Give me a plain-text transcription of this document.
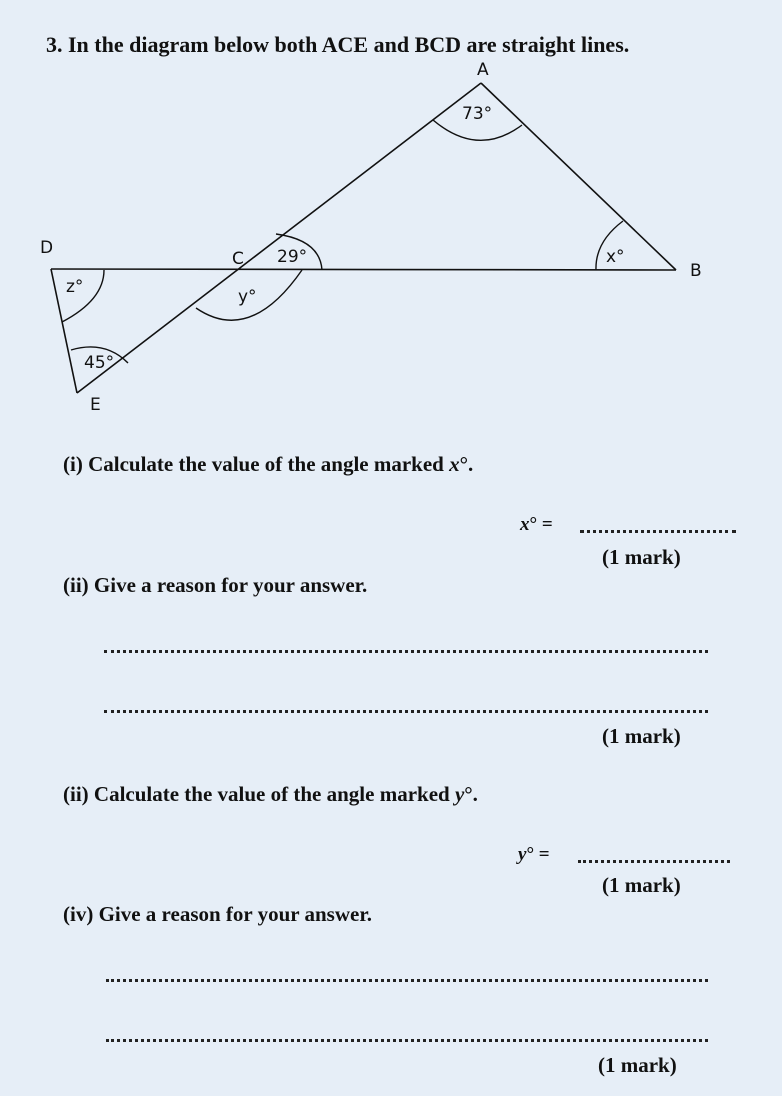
3. In the diagram below both ACE and BCD are straight lines.
A
B
C
D
E
73°
29°
y°
x°
z°
45°
(i) Calculate the value of the angle marked x°.
x° =
(1 mark)
(ii) Give a reason for your answer.
(1 mark)
(ii) Calculate the value of the angle marked y°.
y° =
(1 mark)
(iv) Give a reason for your answer.
(1 mark)
